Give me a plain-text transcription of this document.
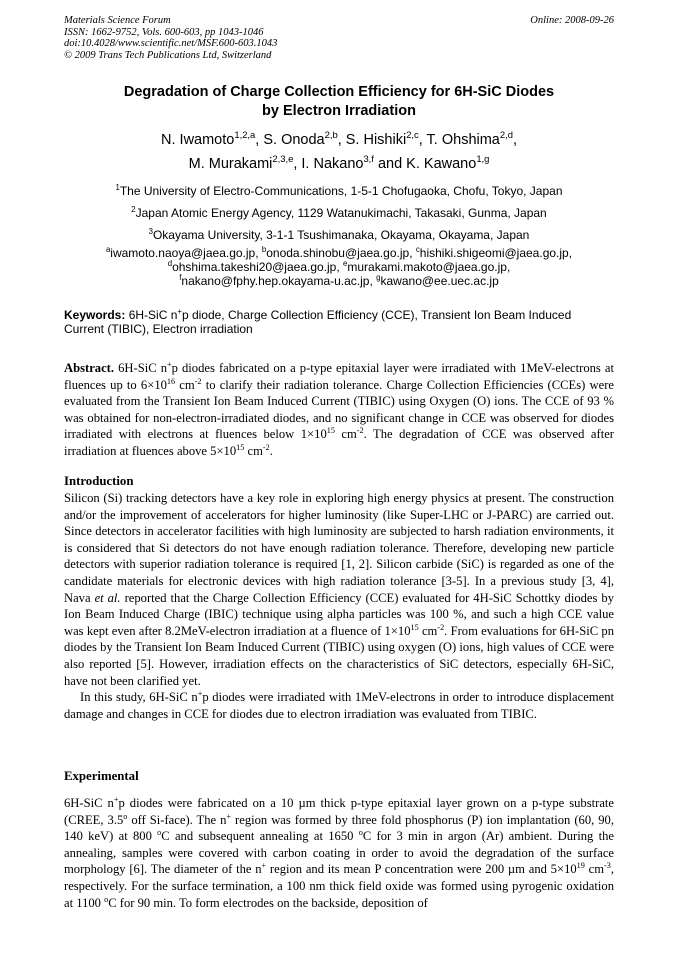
Materials Science Forum
ISSN: 1662-9752, Vols. 600-603, pp 1043-1046
doi:10.4028/www.scientific.net/MSF.600-603.1043
© 2009 Trans Tech Publications Ltd, Switzerland
Online: 2008-09-26
Degradation of Charge Collection Efficiency for 6H-SiC Diodes
by Electron Irradiation
N. Iwamoto$^{1,2,a}$, S. Onoda$^{2,b}$, S. Hishiki$^{2,c}$, T. Ohshima$^{2,d}$,
M. Murakami$^{2,3,e}$, I. Nakano$^{3,f}$ and K. Kawano$^{1,g}$
$^1$The University of Electro-Communications, 1-5-1 Chofugaoka, Chofu, Tokyo, Japan
$^2$Japan Atomic Energy Agency, 1129 Watanukimachi, Takasaki, Gunma, Japan
$^3$Okayama University, 3-1-1 Tsushimanaka, Okayama, Okayama, Japan
$^a$iwamoto.naoya@jaea.go.jp, $^b$onoda.shinobu@jaea.go.jp, $^c$hishiki.shigeomi@jaea.go.jp,
$^d$ohshima.takeshi20@jaea.go.jp, $^e$murakami.makoto@jaea.go.jp,
$^f$nakano@fphy.hep.okayama-u.ac.jp, $^g$kawano@ee.uec.ac.jp
Keywords: 6H-SiC n+p diode, Charge Collection Efficiency (CCE), Transient Ion Beam Induced Current (TIBIC), Electron irradiation
Abstract. 6H-SiC n+p diodes fabricated on a p-type epitaxial layer were irradiated with 1MeV-electrons at fluences up to $6\times 10^{16}$ $cm^{-2}$ to clarify their radiation tolerance. Charge Collection Efficiencies (CCEs) were evaluated from the Transient Ion Beam Induced Current (TIBIC) using Oxygen (O) ions. The CCE of 93 % was obtained for non-electron-irradiated diodes, and no significant change in CCE was observed for diodes irradiated with electrons at fluences below $1\times 10^{15}$ $cm^{-2}$. The degradation of CCE was observed after irradiation at fluences above $5\times 10^{15}$ $cm^{-2}$.
Introduction

Silicon (Si) tracking detectors have a key role in exploring high energy physics at present. The construction and/or the improvement of accelerators for higher luminosity (like Super-LHC or J-PARC) are carried out. Since detectors in accelerator facilities with high luminosity are subjected to harsh radiation environments, it is considered that Si detectors do not have enough radiation tolerance. Therefore, developing new particle detectors with superior radiation tolerance is required [1, 2]. Silicon carbide (SiC) is regarded as one of the candidate materials for electronic devices with high radiation tolerance [3-5]. In a previous study [3, 4], Nava et al. reported that the Charge Collection Efficiency (CCE) evaluated for 4H-SiC Schottky diodes by Ion Beam Induced Charge (IBIC) technique using alpha particles was 100 %, and such a high CCE value was kept even after 8.2MeV-electron irradiation at a fluence of $1\times 10^{15}$ $cm^{-2}$. From evaluations for 6H-SiC pn diodes by the Transient Ion Beam Induced Current (TIBIC) using oxygen (O) ions, high values of CCE were also reported [5]. However, irradiation effects on the characteristics of SiC detectors, especially 6H-SiC, have not been clarified yet.

In this study, 6H-SiC n+p diodes were irradiated with 1MeV-electrons in order to introduce displacement damage and changes in CCE for diodes due to electron irradiation was evaluated from TIBIC.

Experimental
6H-SiC n+p diodes were fabricated on a 10 µm thick p-type epitaxial layer grown on a p-type substrate (CREE, 3.5$^o$ off Si-face). The n+ region was formed by three fold phosphorus (P) ion implantation (60, 90, 140 keV) at 800 $^o$C and subsequent annealing at 1650 $^o$C for 3 min in argon (Ar) ambient. During the annealing, samples were covered with carbon coating in order to avoid the degradation of the surface morphology [6]. The diameter of the n+ region and its mean P concentration were 200 µm and $5\times 10^{19}$ $cm^{-3}$, respectively. For the surface termination, a 100 nm thick field oxide was formed using pyrogenic oxidation at 1100 $^o$C for 90 min. To form electrodes on the backside, deposition of
